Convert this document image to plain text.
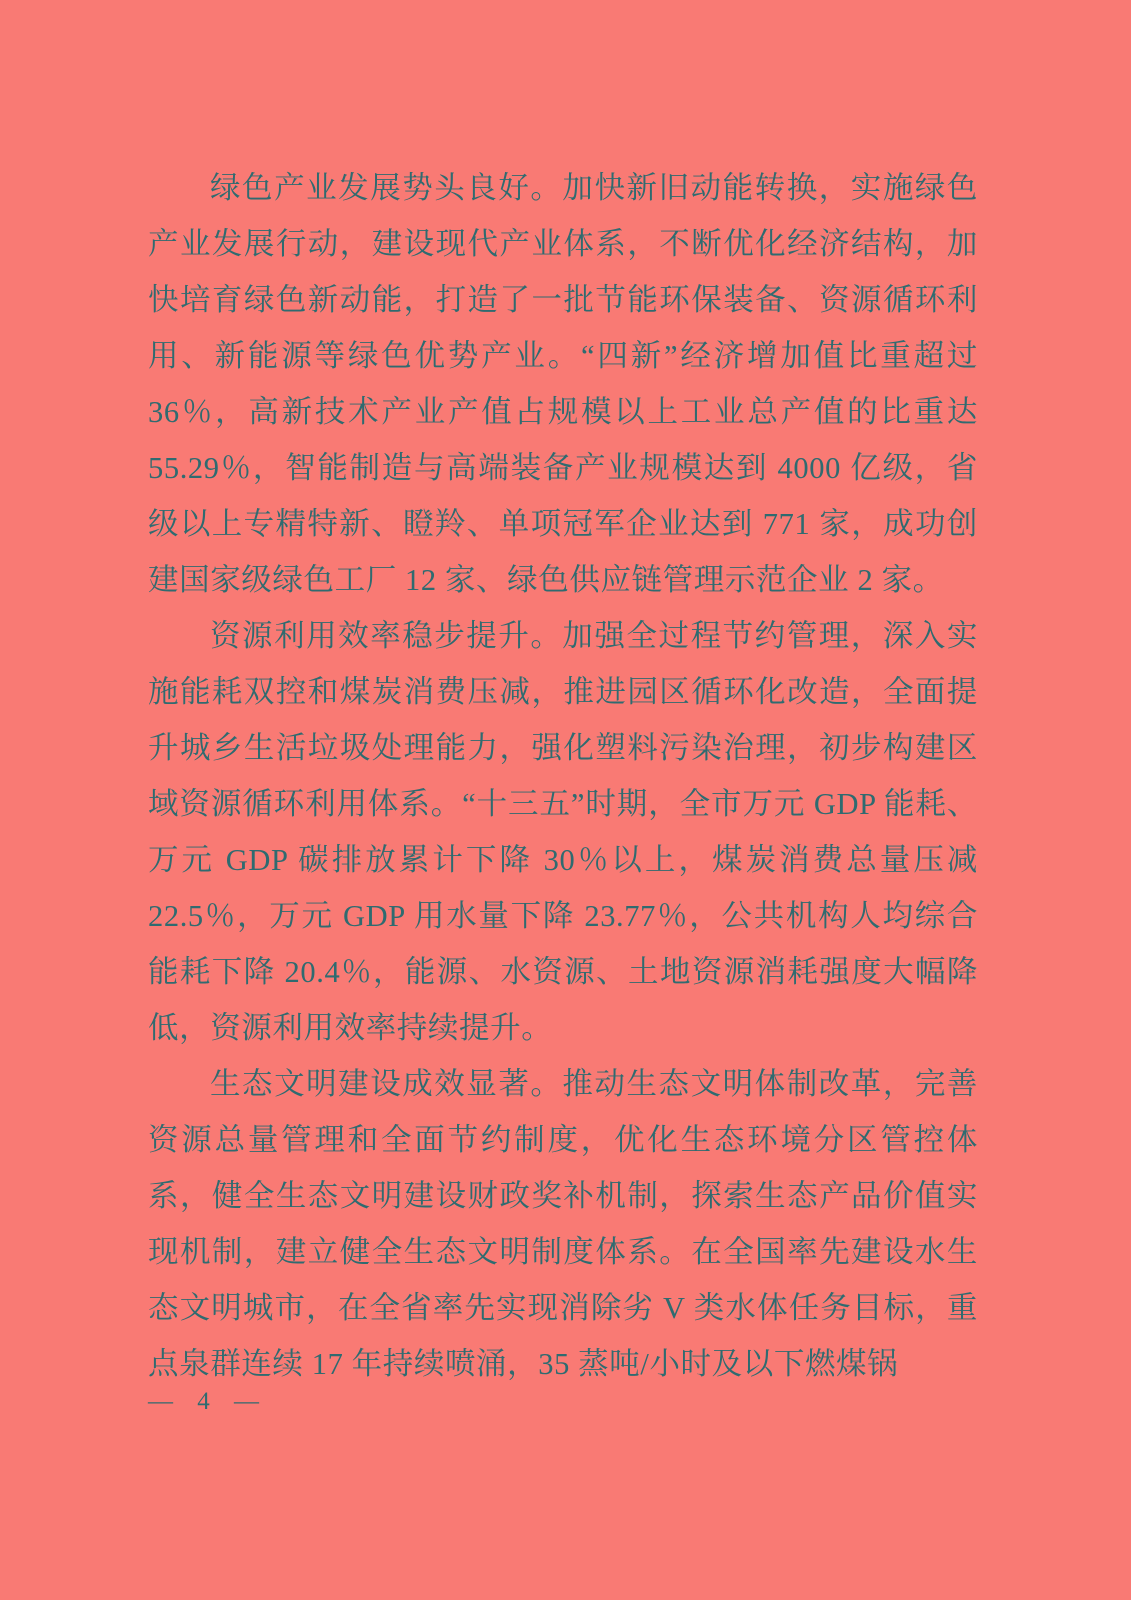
绿色产业发展势头良好。加快新旧动能转换，实施绿色产业发展行动，建设现代产业体系，不断优化经济结构，加快培育绿色新动能，打造了一批节能环保装备、资源循环利用、新能源等绿色优势产业。“四新”经济增加值比重超过36％，高新技术产业产值占规模以上工业总产值的比重达55.29％，智能制造与高端装备产业规模达到 4000 亿级，省级以上专精特新、瞪羚、单项冠军企业达到 771 家，成功创建国家级绿色工厂 12 家、绿色供应链管理示范企业 2 家。

资源利用效率稳步提升。加强全过程节约管理，深入实施能耗双控和煤炭消费压减，推进园区循环化改造，全面提升城乡生活垃圾处理能力，强化塑料污染治理，初步构建区域资源循环利用体系。“十三五”时期，全市万元 GDP 能耗、万元 GDP 碳排放累计下降 30％以上，煤炭消费总量压减 22.5％，万元 GDP 用水量下降 23.77％，公共机构人均综合能耗下降 20.4％，能源、水资源、土地资源消耗强度大幅降低，资源利用效率持续提升。

生态文明建设成效显著。推动生态文明体制改革，完善资源总量管理和全面节约制度，优化生态环境分区管控体系，健全生态文明建设财政奖补机制，探索生态产品价值实现机制，建立健全生态文明制度体系。在全国率先建设水生态文明城市，在全省率先实现消除劣 V 类水体任务目标，重点泉群连续 17 年持续喷涌，35 蒸吨/小时及以下燃煤锅

— 4 —
